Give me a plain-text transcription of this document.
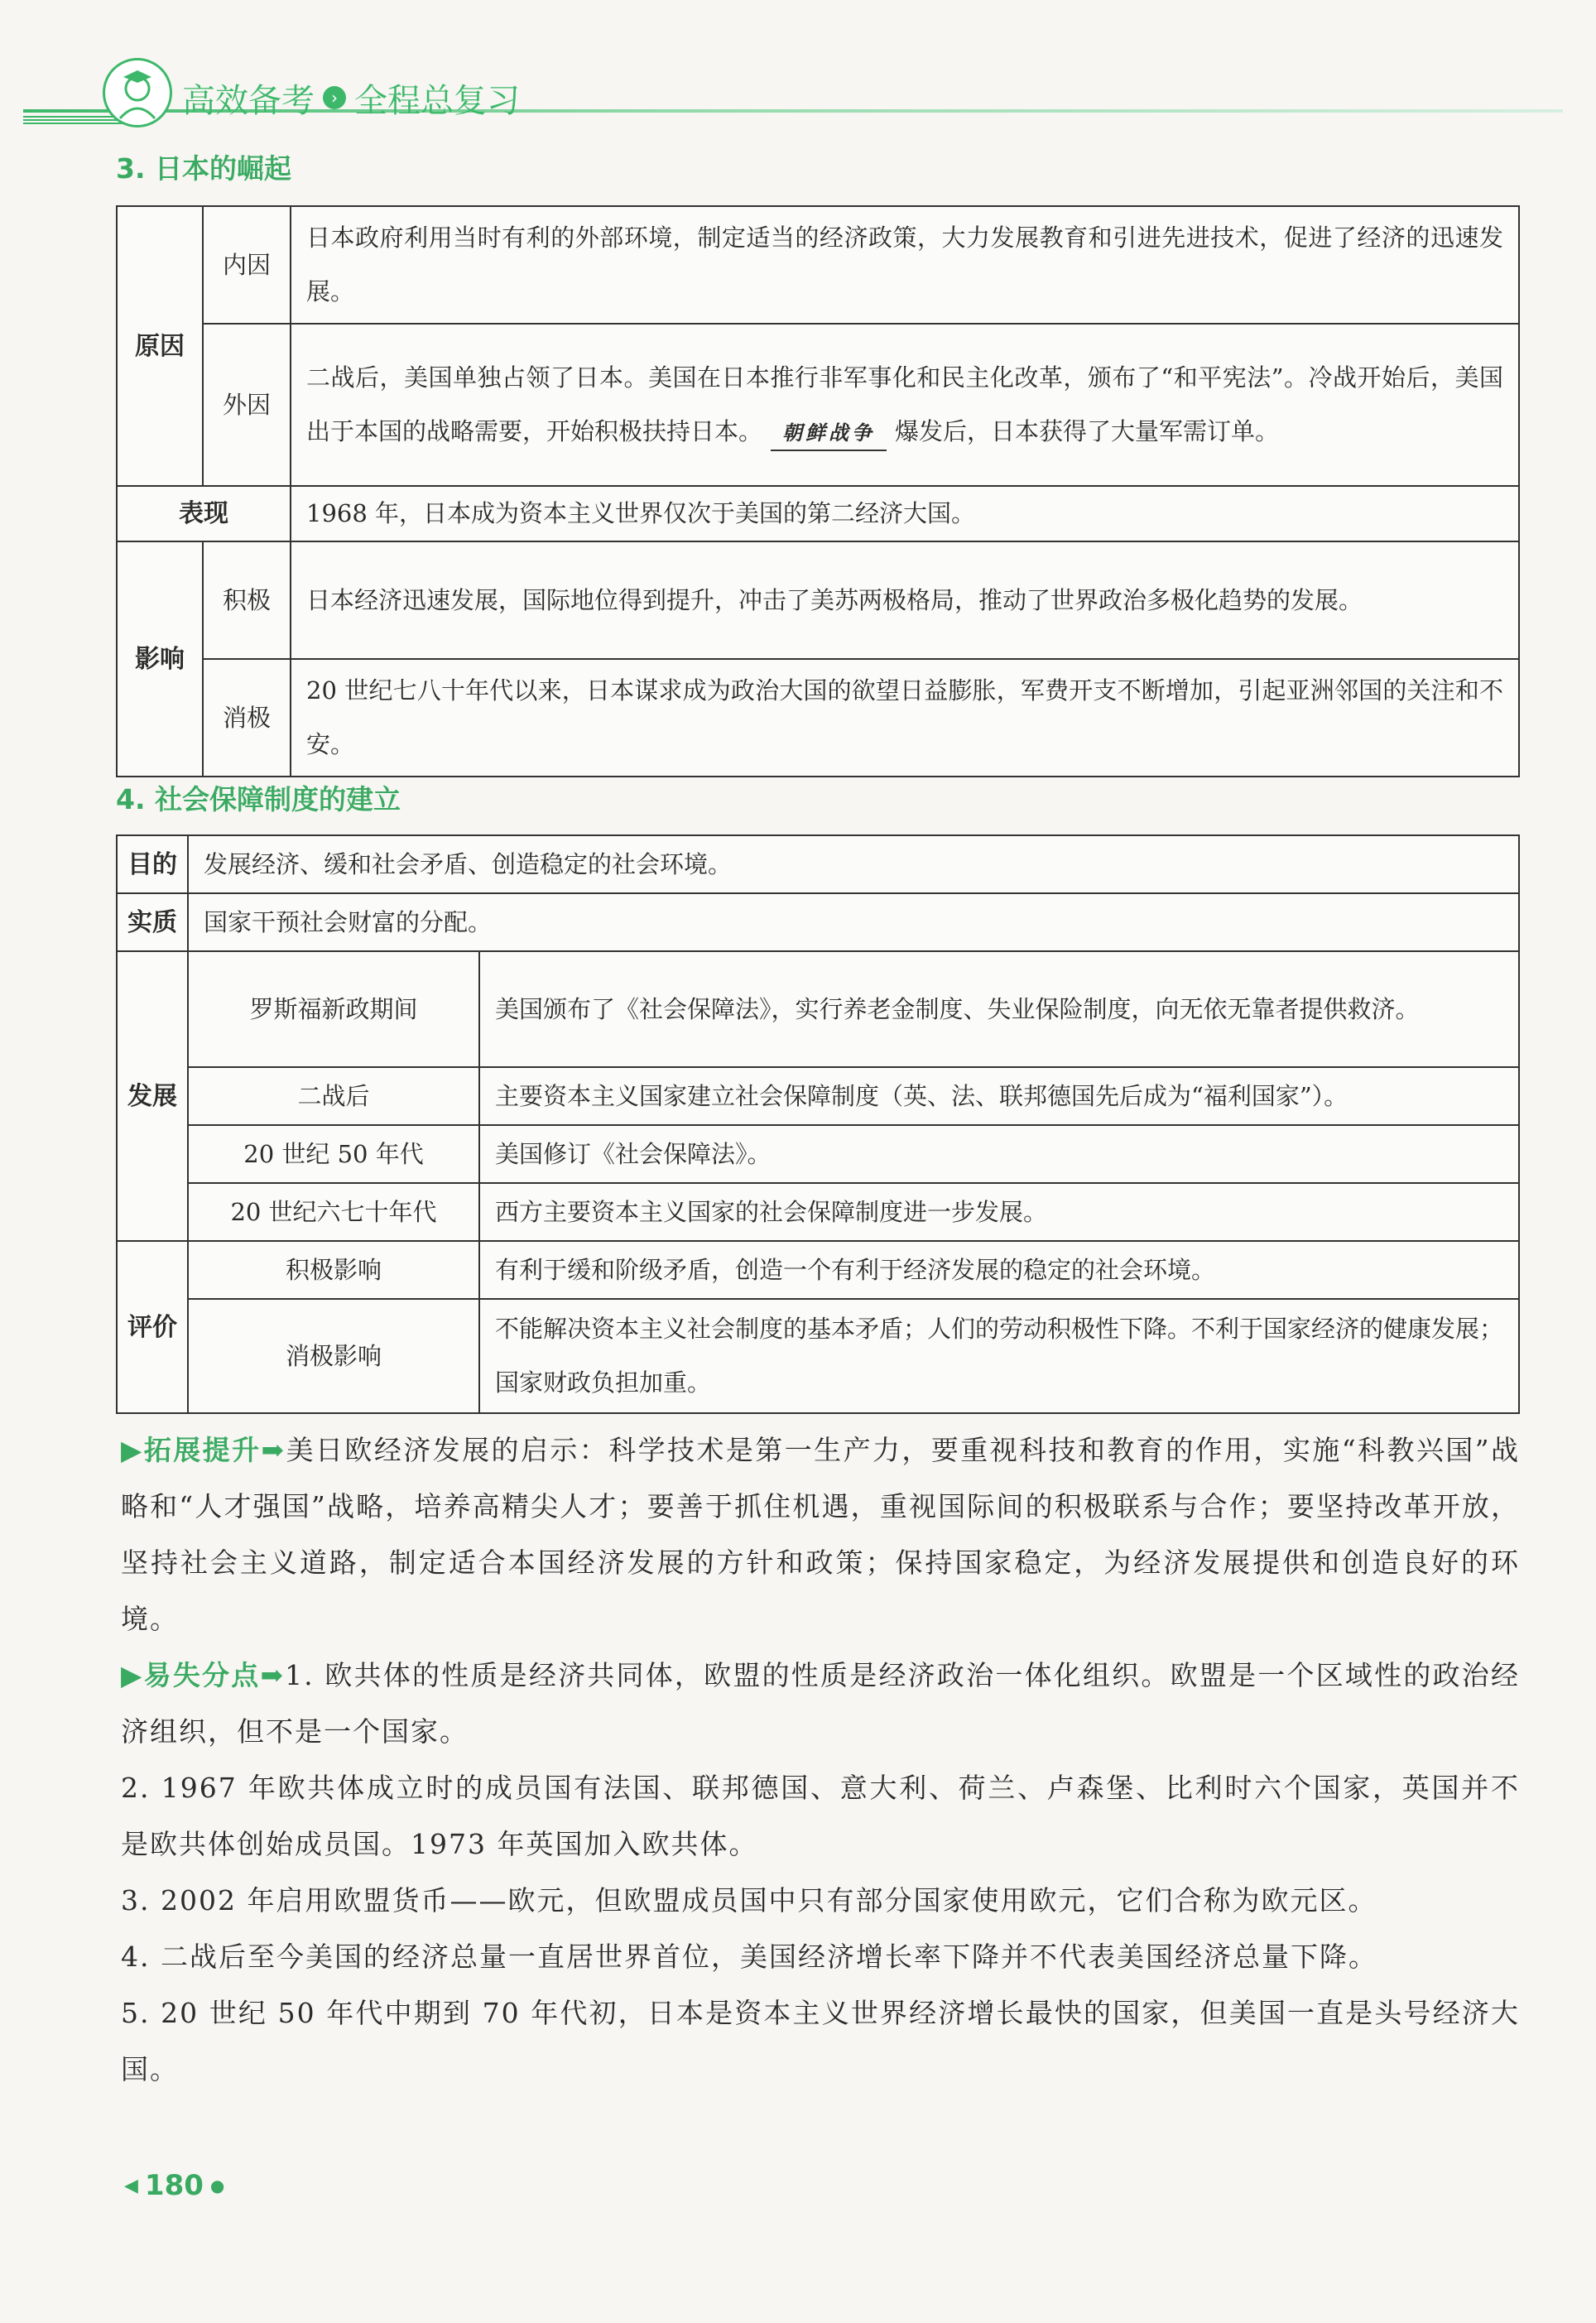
高效备考	› 全程总复习
3. 日本的崛起
原因	内因	日本政府利用当时有利的外部环境，制定适当的经济政策，大力发展教育和引进先进技术，促进了经济的迅速发展。
	外因	二战后，美国单独占领了日本。美国在日本推行非军事化和民主化改革，颁布了“和平宪法”。冷战开始后，美国出于本国的战略需要，开始积极扶持日本。 朝鲜战争 爆发后，日本获得了大量军需订单。
表现		1968 年，日本成为资本主义世界仅次于美国的第二经济大国。
影响	积极	日本经济迅速发展，国际地位得到提升，冲击了美苏两极格局，推动了世界政治多极化趋势的发展。
	消极	20 世纪七八十年代以来，日本谋求成为政治大国的欲望日益膨胀，军费开支不断增加，引起亚洲邻国的关注和不安。
4. 社会保障制度的建立
目的	发展经济、缓和社会矛盾、创造稳定的社会环境。	
实质	国家干预社会财富的分配。	
发展	罗斯福新政期间	美国颁布了《社会保障法》，实行养老金制度、失业保险制度，向无依无靠者提供救济。
	二战后	主要资本主义国家建立社会保障制度（英、法、联邦德国先后成为“福利国家”）。
	20 世纪 50 年代	美国修订《社会保障法》。
	20 世纪六七十年代	西方主要资本主义国家的社会保障制度进一步发展。
评价	积极影响	有利于缓和阶级矛盾，创造一个有利于经济发展的稳定的社会环境。
	消极影响	不能解决资本主义社会制度的基本矛盾；人们的劳动积极性下降。不利于国家经济的健康发展；国家财政负担加重。
▶拓展提升➡美日欧经济发展的启示：科学技术是第一生产力，要重视科技和教育的作用，实施“科教兴国”战略和“人才强国”战略，培养高精尖人才；要善于抓住机遇，重视国际间的积极联系与合作；要坚持改革开放，坚持社会主义道路，制定适合本国经济发展的方针和政策；保持国家稳定，为经济发展提供和创造良好的环境。
▶易失分点➡1. 欧共体的性质是经济共同体，欧盟的性质是经济政治一体化组织。欧盟是一个区域性的政治经济组织，但不是一个国家。
2. 1967 年欧共体成立时的成员国有法国、联邦德国、意大利、荷兰、卢森堡、比利时六个国家，英国并不是欧共体创始成员国。1973 年英国加入欧共体。
3. 2002 年启用欧盟货币——欧元，但欧盟成员国中只有部分国家使用欧元，它们合称为欧元区。
4. 二战后至今美国的经济总量一直居世界首位，美国经济增长率下降并不代表美国经济总量下降。
5. 20 世纪 50 年代中期到 70 年代初，日本是资本主义世界经济增长最快的国家，但美国一直是头号经济大国。
◀ 180 ●
